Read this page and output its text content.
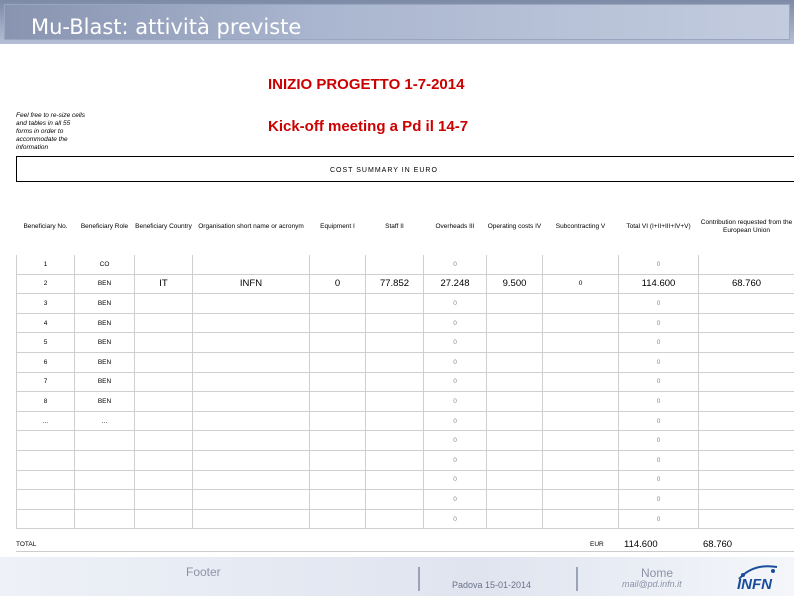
Mu-Blast: attività previste
INIZIO PROGETTO 1-7-2014
Kick-off meeting a Pd il 14-7
Feel free to re-size cells and tables in all 55 forms in order to accommodate the information
COST SUMMARY IN EURO
Beneficiary No.	Beneficiary Role	Beneficiary Country	Organisation short name or acronym	Equipment I	Staff II	Overheads III	Operating costs IV	Subcontracting V	Total VI (I+II+III+IV+V)	Contribution requested from the European Union
1	CO					0			0	
2	BEN	IT	INFN	0	77.852	27.248	9.500	0	114.600	68.760
3	BEN					0			0	
4	BEN					0			0	
5	BEN					0			0	
6	BEN					0			0	
7	BEN					0			0	
8	BEN					0			0	
...	...					0			0	
						0			0	
						0			0	
						0			0	
						0			0	
						0			0	
TOTAL	EUR 114.600	68.760
Footer
Padova 15-01-2014
Nome
mail@pd.infn.it	INFN
